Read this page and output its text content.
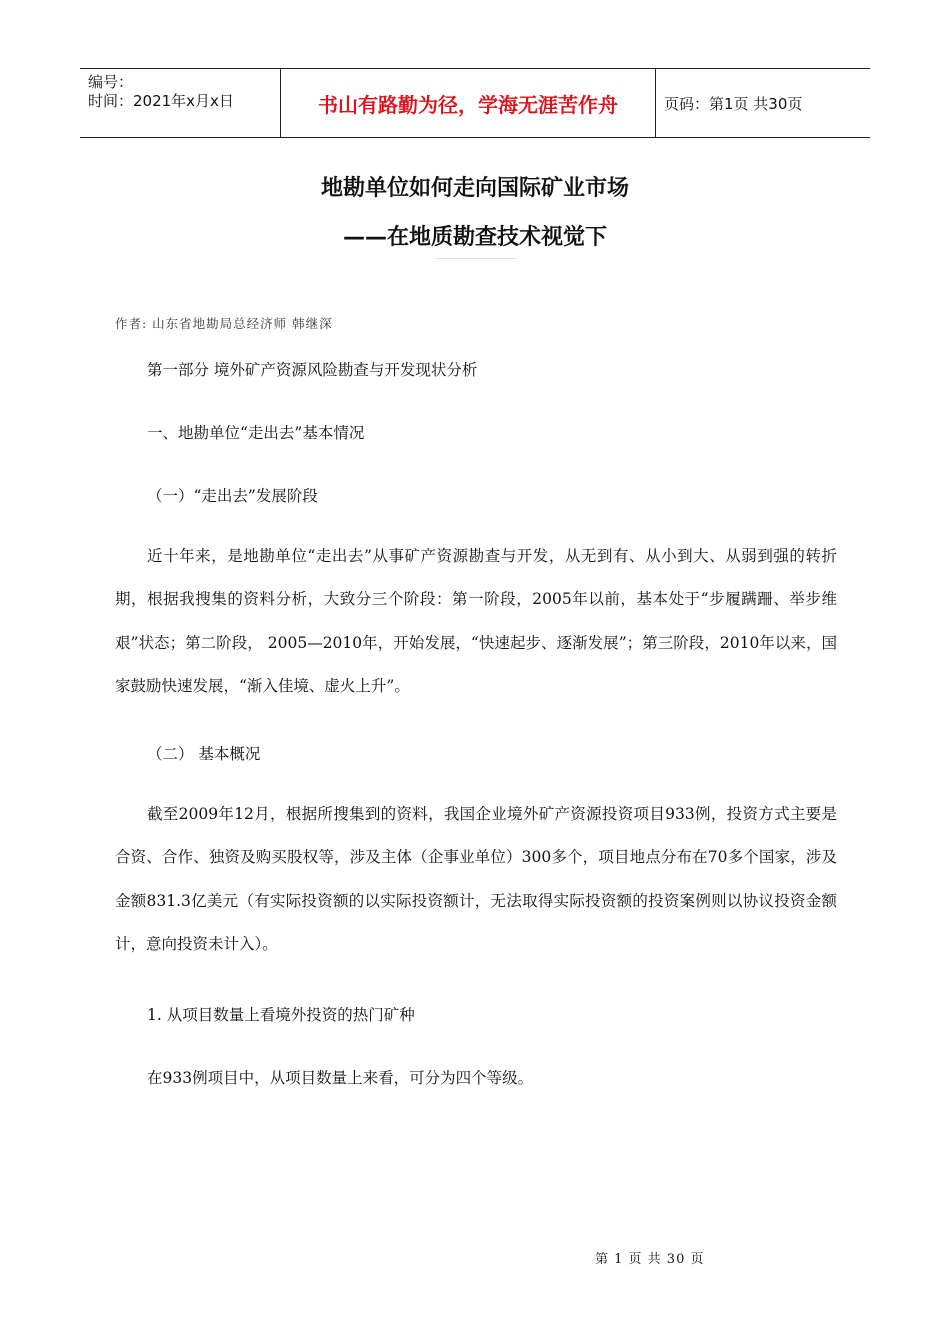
编号：
时间：2021年x月x日	书山有路勤为径，学海无涯苦作舟	页码：第1页 共30页
地勘单位如何走向国际矿业市场
——在地质勘查技术视觉下
作者: 山东省地勘局总经济师 韩继深
第一部分 境外矿产资源风险勘查与开发现状分析
一、地勘单位“走出去”基本情况
（一）“走出去”发展阶段
近十年来，是地勘单位“走出去”从事矿产资源勘查与开发，从无到有、从小到大、从弱到强的转折期，根据我搜集的资料分析，大致分三个阶段：第一阶段，2005年以前，基本处于“步履蹒跚、举步维艰”状态；第二阶段， 2005—2010年，开始发展，“快速起步、逐渐发展”；第三阶段，2010年以来，国家鼓励快速发展，“渐入佳境、虚火上升”。
（二） 基本概况
截至2009年12月，根据所搜集到的资料，我国企业境外矿产资源投资项目933例，投资方式主要是合资、合作、独资及购买股权等，涉及主体（企事业单位）300多个，项目地点分布在70多个国家，涉及金额831.3亿美元（有实际投资额的以实际投资额计，无法取得实际投资额的投资案例则以协议投资金额计，意向投资未计入）。
1. 从项目数量上看境外投资的热门矿种
在933例项目中，从项目数量上来看，可分为四个等级。
第 1 页 共 30 页
